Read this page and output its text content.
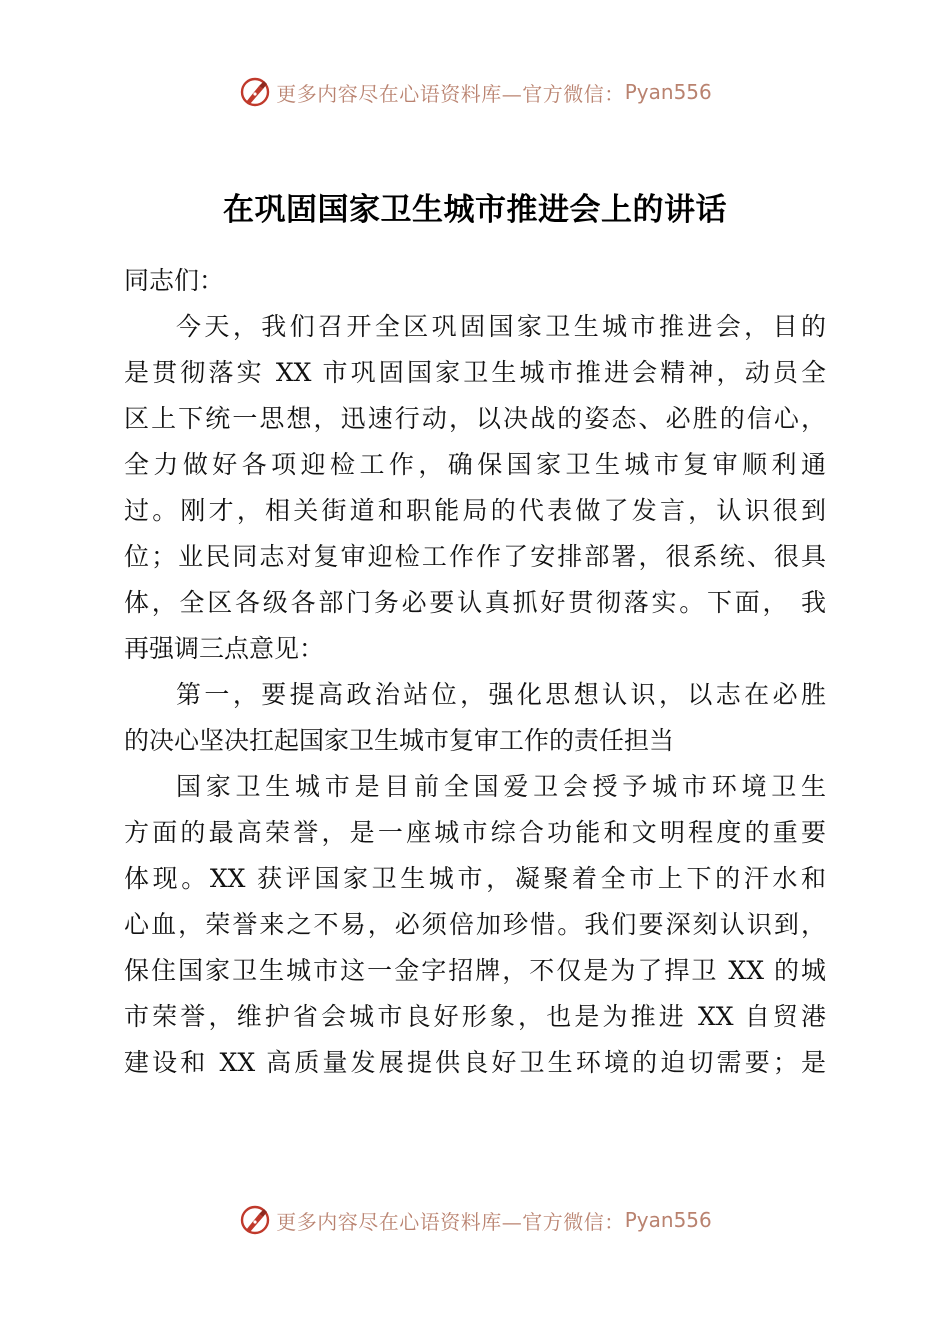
更多内容尽在心语资料库—官方微信： Pyan556
在巩固国家卫生城市推进会上的讲话
同志们：
今天，我们召开全区巩固国家卫生城市推进会，目的
是贯彻落实 XX 市巩固国家卫生城市推进会精神，动员全
区上下统一思想，迅速行动，以决战的姿态、必胜的信心，
全力做好各项迎检工作，确保国家卫生城市复审顺利通
过。刚才，相关街道和职能局的代表做了发言，认识很到
位；业民同志对复审迎检工作作了安排部署，很系统、很具
体，全区各级各部门务必要认真抓好贯彻落实。下面， 我
再强调三点意见：
第一，要提高政治站位，强化思想认识，以志在必胜
的决心坚决扛起国家卫生城市复审工作的责任担当
国家卫生城市是目前全国爱卫会授予城市环境卫生
方面的最高荣誉，是一座城市综合功能和文明程度的重要
体现。XX 获评国家卫生城市，凝聚着全市上下的汗水和
心血，荣誉来之不易，必须倍加珍惜。我们要深刻认识到，
保住国家卫生城市这一金字招牌，不仅是为了捍卫 XX 的城
市荣誉，维护省会城市良好形象，也是为推进 XX 自贸港
建设和 XX 高质量发展提供良好卫生环境的迫切需要；是
更多内容尽在心语资料库—官方微信： Pyan556
